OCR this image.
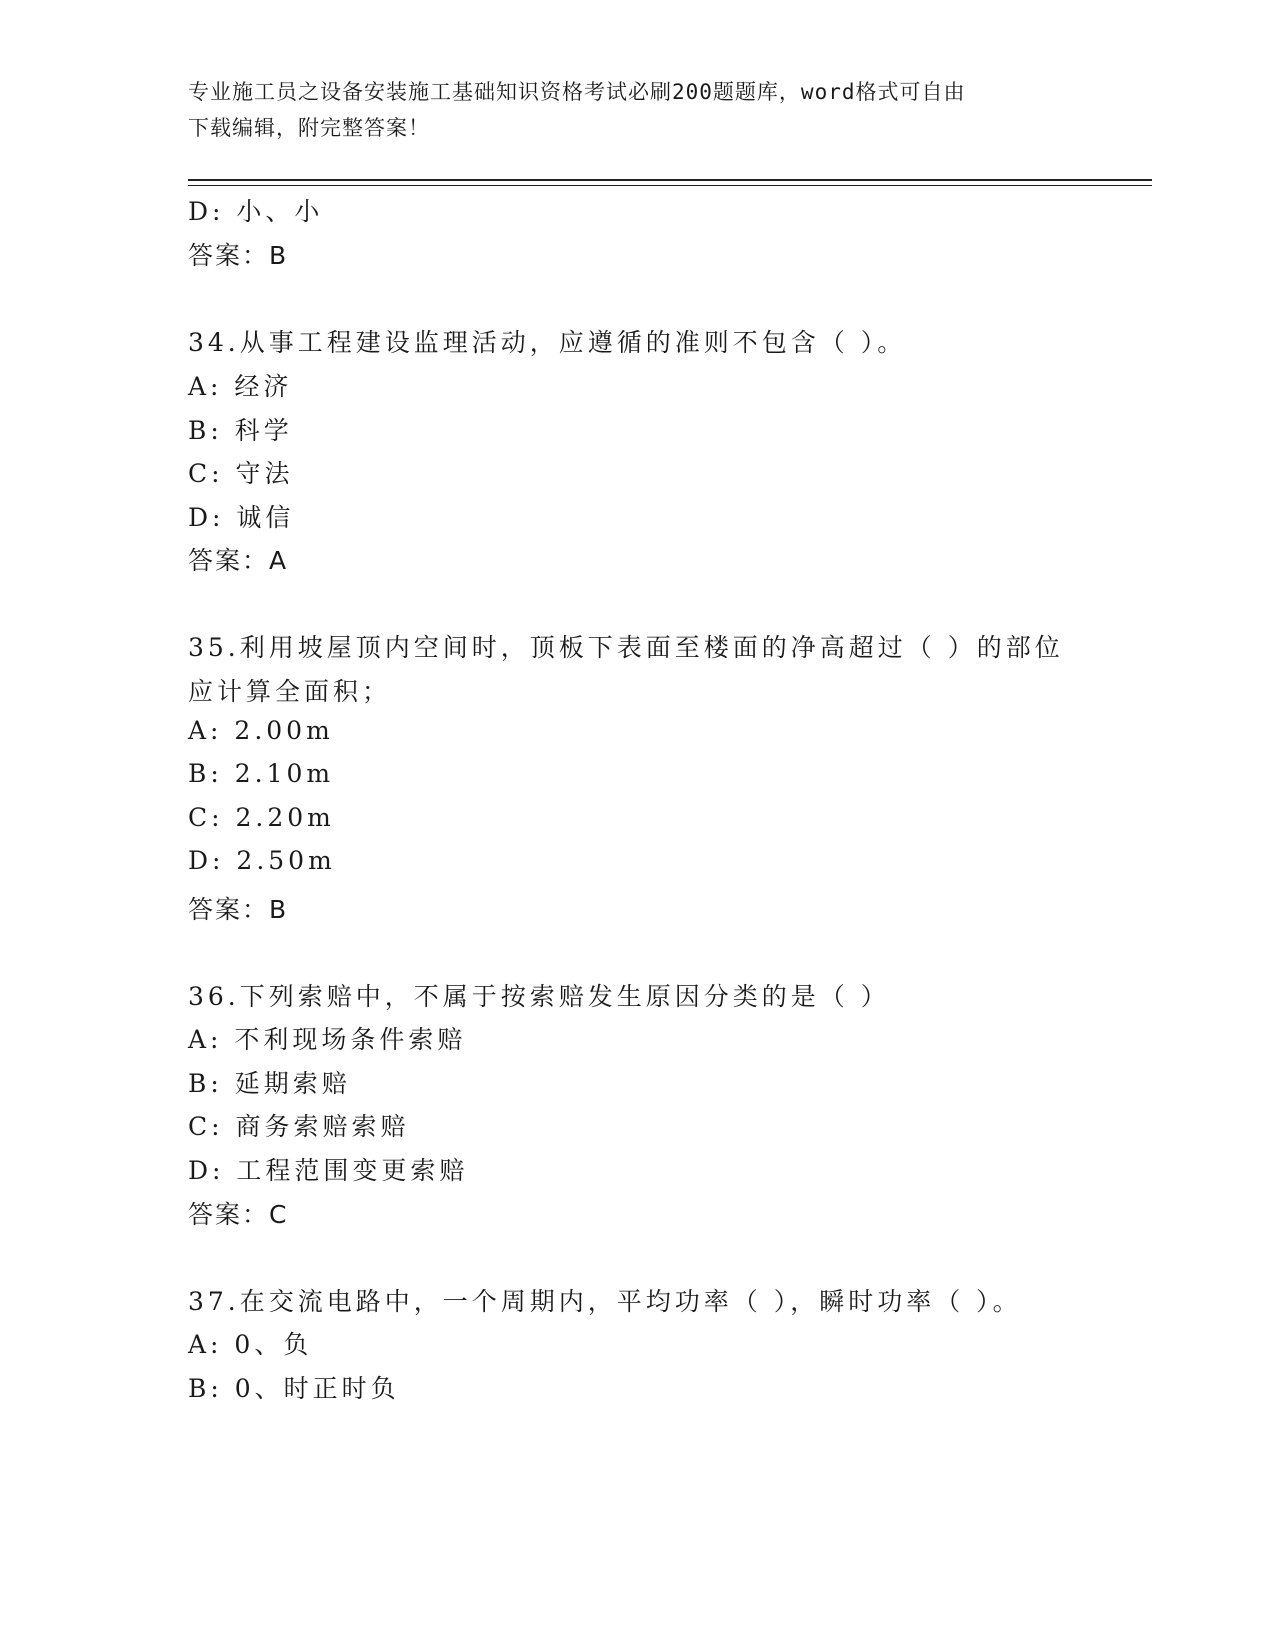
专业施工员之设备安装施工基础知识资格考试必刷200题题库，word格式可自由
下载编辑，附完整答案！
D: 小、小
答案：B
34.从事工程建设监理活动，应遵循的准则不包含（ ）。
A: 经济
B: 科学
C: 守法
D: 诚信
答案：A
35.利用坡屋顶内空间时，顶板下表面至楼面的净高超过（ ）的部位
应计算全面积；
A: 2.00m
B: 2.10m
C: 2.20m
D: 2.50m
答案：B
36.下列索赔中，不属于按索赔发生原因分类的是（ ）
A: 不利现场条件索赔
B: 延期索赔
C: 商务索赔索赔
D: 工程范围变更索赔
答案：C
37.在交流电路中，一个周期内，平均功率（ ），瞬时功率（ ）。
A: 0、负
B: 0、时正时负
